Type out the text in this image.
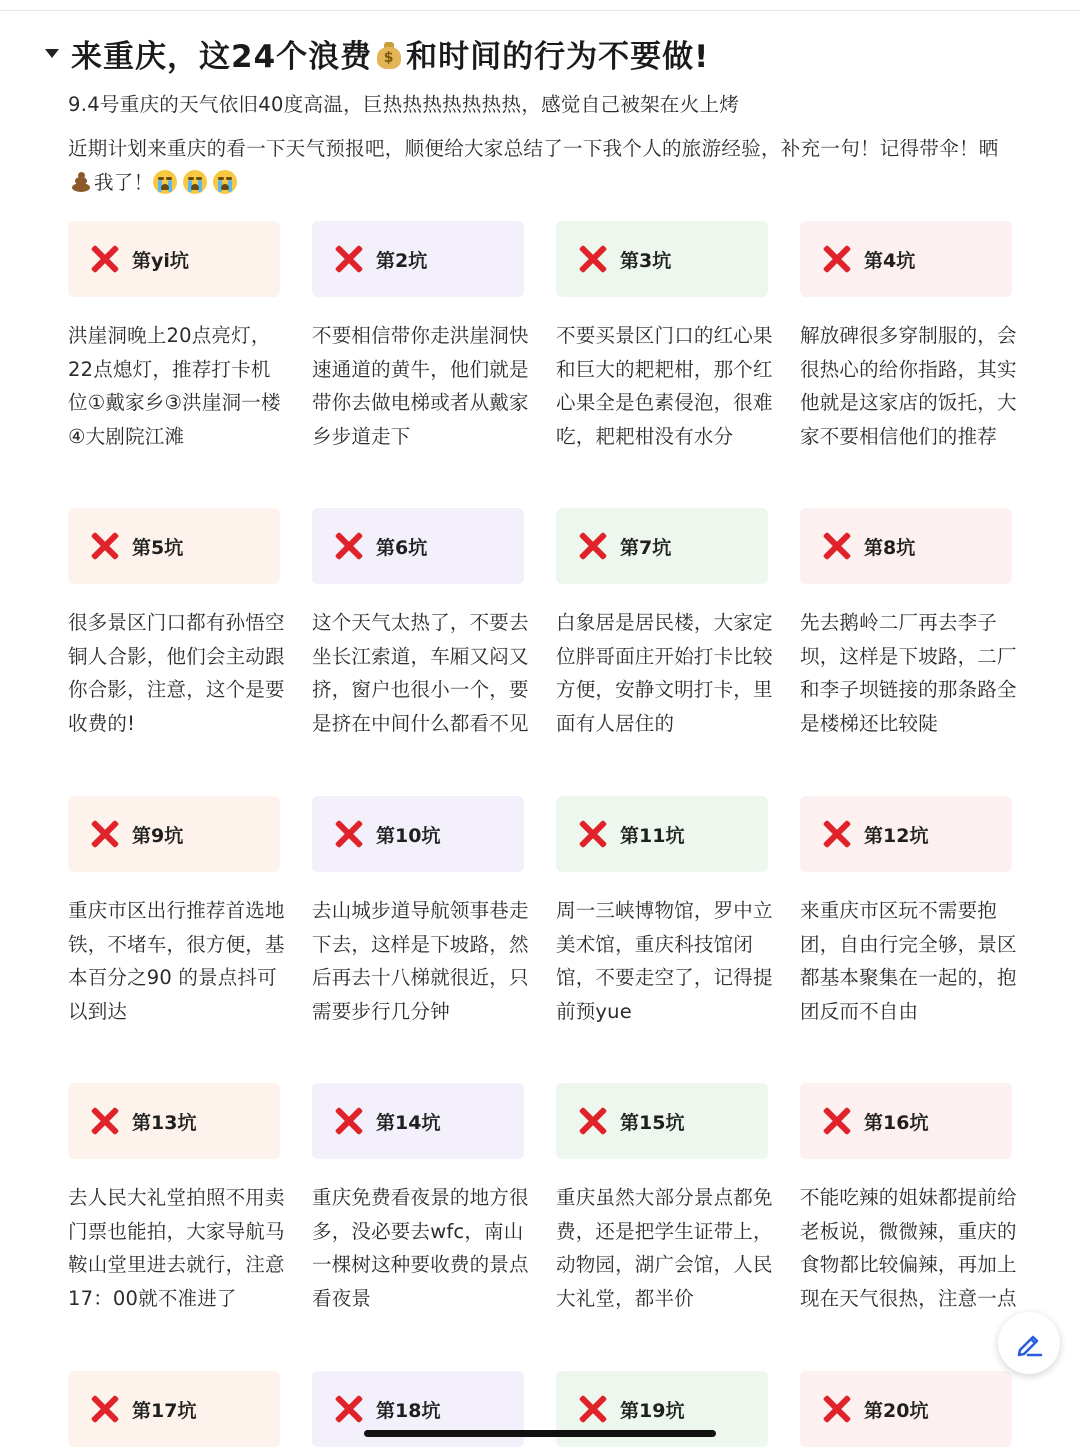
来重庆，这24个浪费 $ 和时间的行为不要做!
9.4号重庆的天气依旧40度高温，巨热热热热热热热，感觉自己被架在火上烤
近期计划来重庆的看一下天气预报吧，顺便给大家总结了一下我个人的旅游经验，补充一句！记得带伞！晒
我了！
第yi坑
洪崖洞晚上20点亮灯，22点熄灯，推荐打卡机位①戴家乡③洪崖洞一楼④大剧院江滩
第2坑
不要相信带你走洪崖洞快速通道的黄牛，他们就是带你去做电梯或者从戴家乡步道走下
第3坑
不要买景区门口的红心果和巨大的耙耙柑，那个红心果全是色素侵泡，很难吃，耙耙柑没有水分
第4坑
解放碑很多穿制服的，会很热心的给你指路，其实他就是这家店的饭托，大家不要相信他们的推荐
第5坑
很多景区门口都有孙悟空铜人合影，他们会主动跟你合影，注意，这个是要收费的!
第6坑
这个天气太热了，不要去坐长江索道，车厢又闷又挤，窗户也很小一个，要是挤在中间什么都看不见
第7坑
白象居是居民楼，大家定位胖哥面庄开始打卡比较方便，安静文明打卡，里面有人居住的
第8坑
先去鹅岭二厂再去李子坝，这样是下坡路，二厂和李子坝链接的那条路全是楼梯还比较陡
第9坑
重庆市区出行推荐首选地铁，不堵车，很方便，基本百分之90 的景点抖可以到达
第10坑
去山城步道导航领事巷走下去，这样是下坡路，然后再去十八梯就很近，只需要步行几分钟
第11坑
周一三峡博物馆，罗中立美术馆，重庆科技馆闭馆，不要走空了，记得提前预yue
第12坑
来重庆市区玩不需要抱团，自由行完全够，景区都基本聚集在一起的，抱团反而不自由
第13坑
去人民大礼堂拍照不用卖门票也能拍，大家导航马鞍山堂里进去就行，注意17：00就不准进了
第14坑
重庆免费看夜景的地方很多，没必要去wfc，南山一棵树这种要收费的景点看夜景
第15坑
重庆虽然大部分景点都免费，还是把学生证带上，动物园，湖广会馆，人民大礼堂，都半价
第16坑
不能吃辣的姐妹都提前给老板说，微微辣，重庆的食物都比较偏辣，再加上现在天气很热，注意一点
第17坑	第18坑	第19坑	第20坑
